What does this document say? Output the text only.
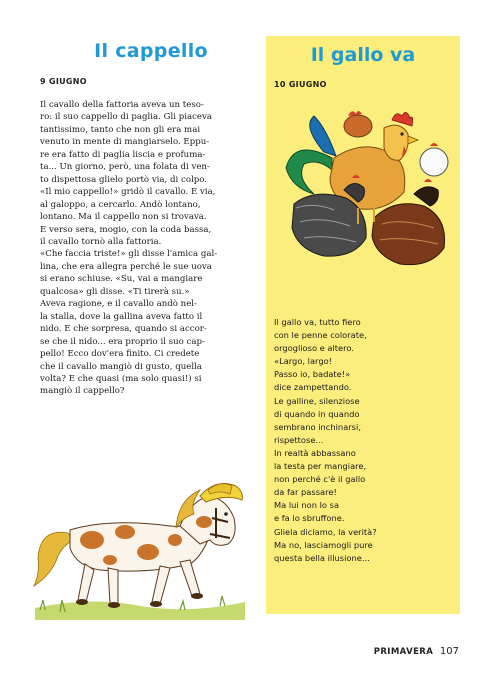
Il cappello
9 GIUGNO

Il cavallo della fattoria aveva un teso-

ro: il suo cappello di paglia. Gli piaceva

tantissimo, tanto che non gli era mai

venuto in mente di mangiarselo. Eppu-

re era fatto di paglia liscia e profuma-

ta... Un giorno, però, una folata di ven-

to dispettosa glielo portò via, di colpo.

«Il mio cappello!» gridò il cavallo. E via,

al galoppo, a cercarlo. Andò lontano,

lontano. Ma il cappello non si trovava.

E verso sera, mogio, con la coda bassa,

il cavallo tornò alla fattoria.

«Che faccia triste!» gli disse l'amica gal-

lina, che era allegra perché le sue uova

si erano schiuse. «Su, vai a mangiare

qualcosa» gli disse. «Ti tirerà su.»

Aveva ragione, e il cavallo andò nel-

la stalla, dove la gallina aveva fatto il

nido. E che sorpresa, quando si accor-

se che il nido... era proprio il suo cap-

pello! Ecco dov'era finito. Ci credete

che il cavallo mangiò di gusto, quella

volta? E che quasi (ma solo quasi!) si

mangiò il cappello?

Il gallo va
10 GIUGNO
Il gallo va, tutto fiero
con le penne colorate,
orgoglioso e altero.
«Largo, largo!
Passo io, badate!»
dice zampettando.
Le galline, silenziose
di quando in quando
sembrano inchinarsi,
rispettose...
In realtà abbassano
la testa per mangiare,
non perché c'è il gallo
da far passare!
Ma lui non lo sa
e fa lo sbruffone.
Gliela diciamo, la verità?
Ma no, lasciamogli pure
questa bella illusione...
PRIMAVERA 107
